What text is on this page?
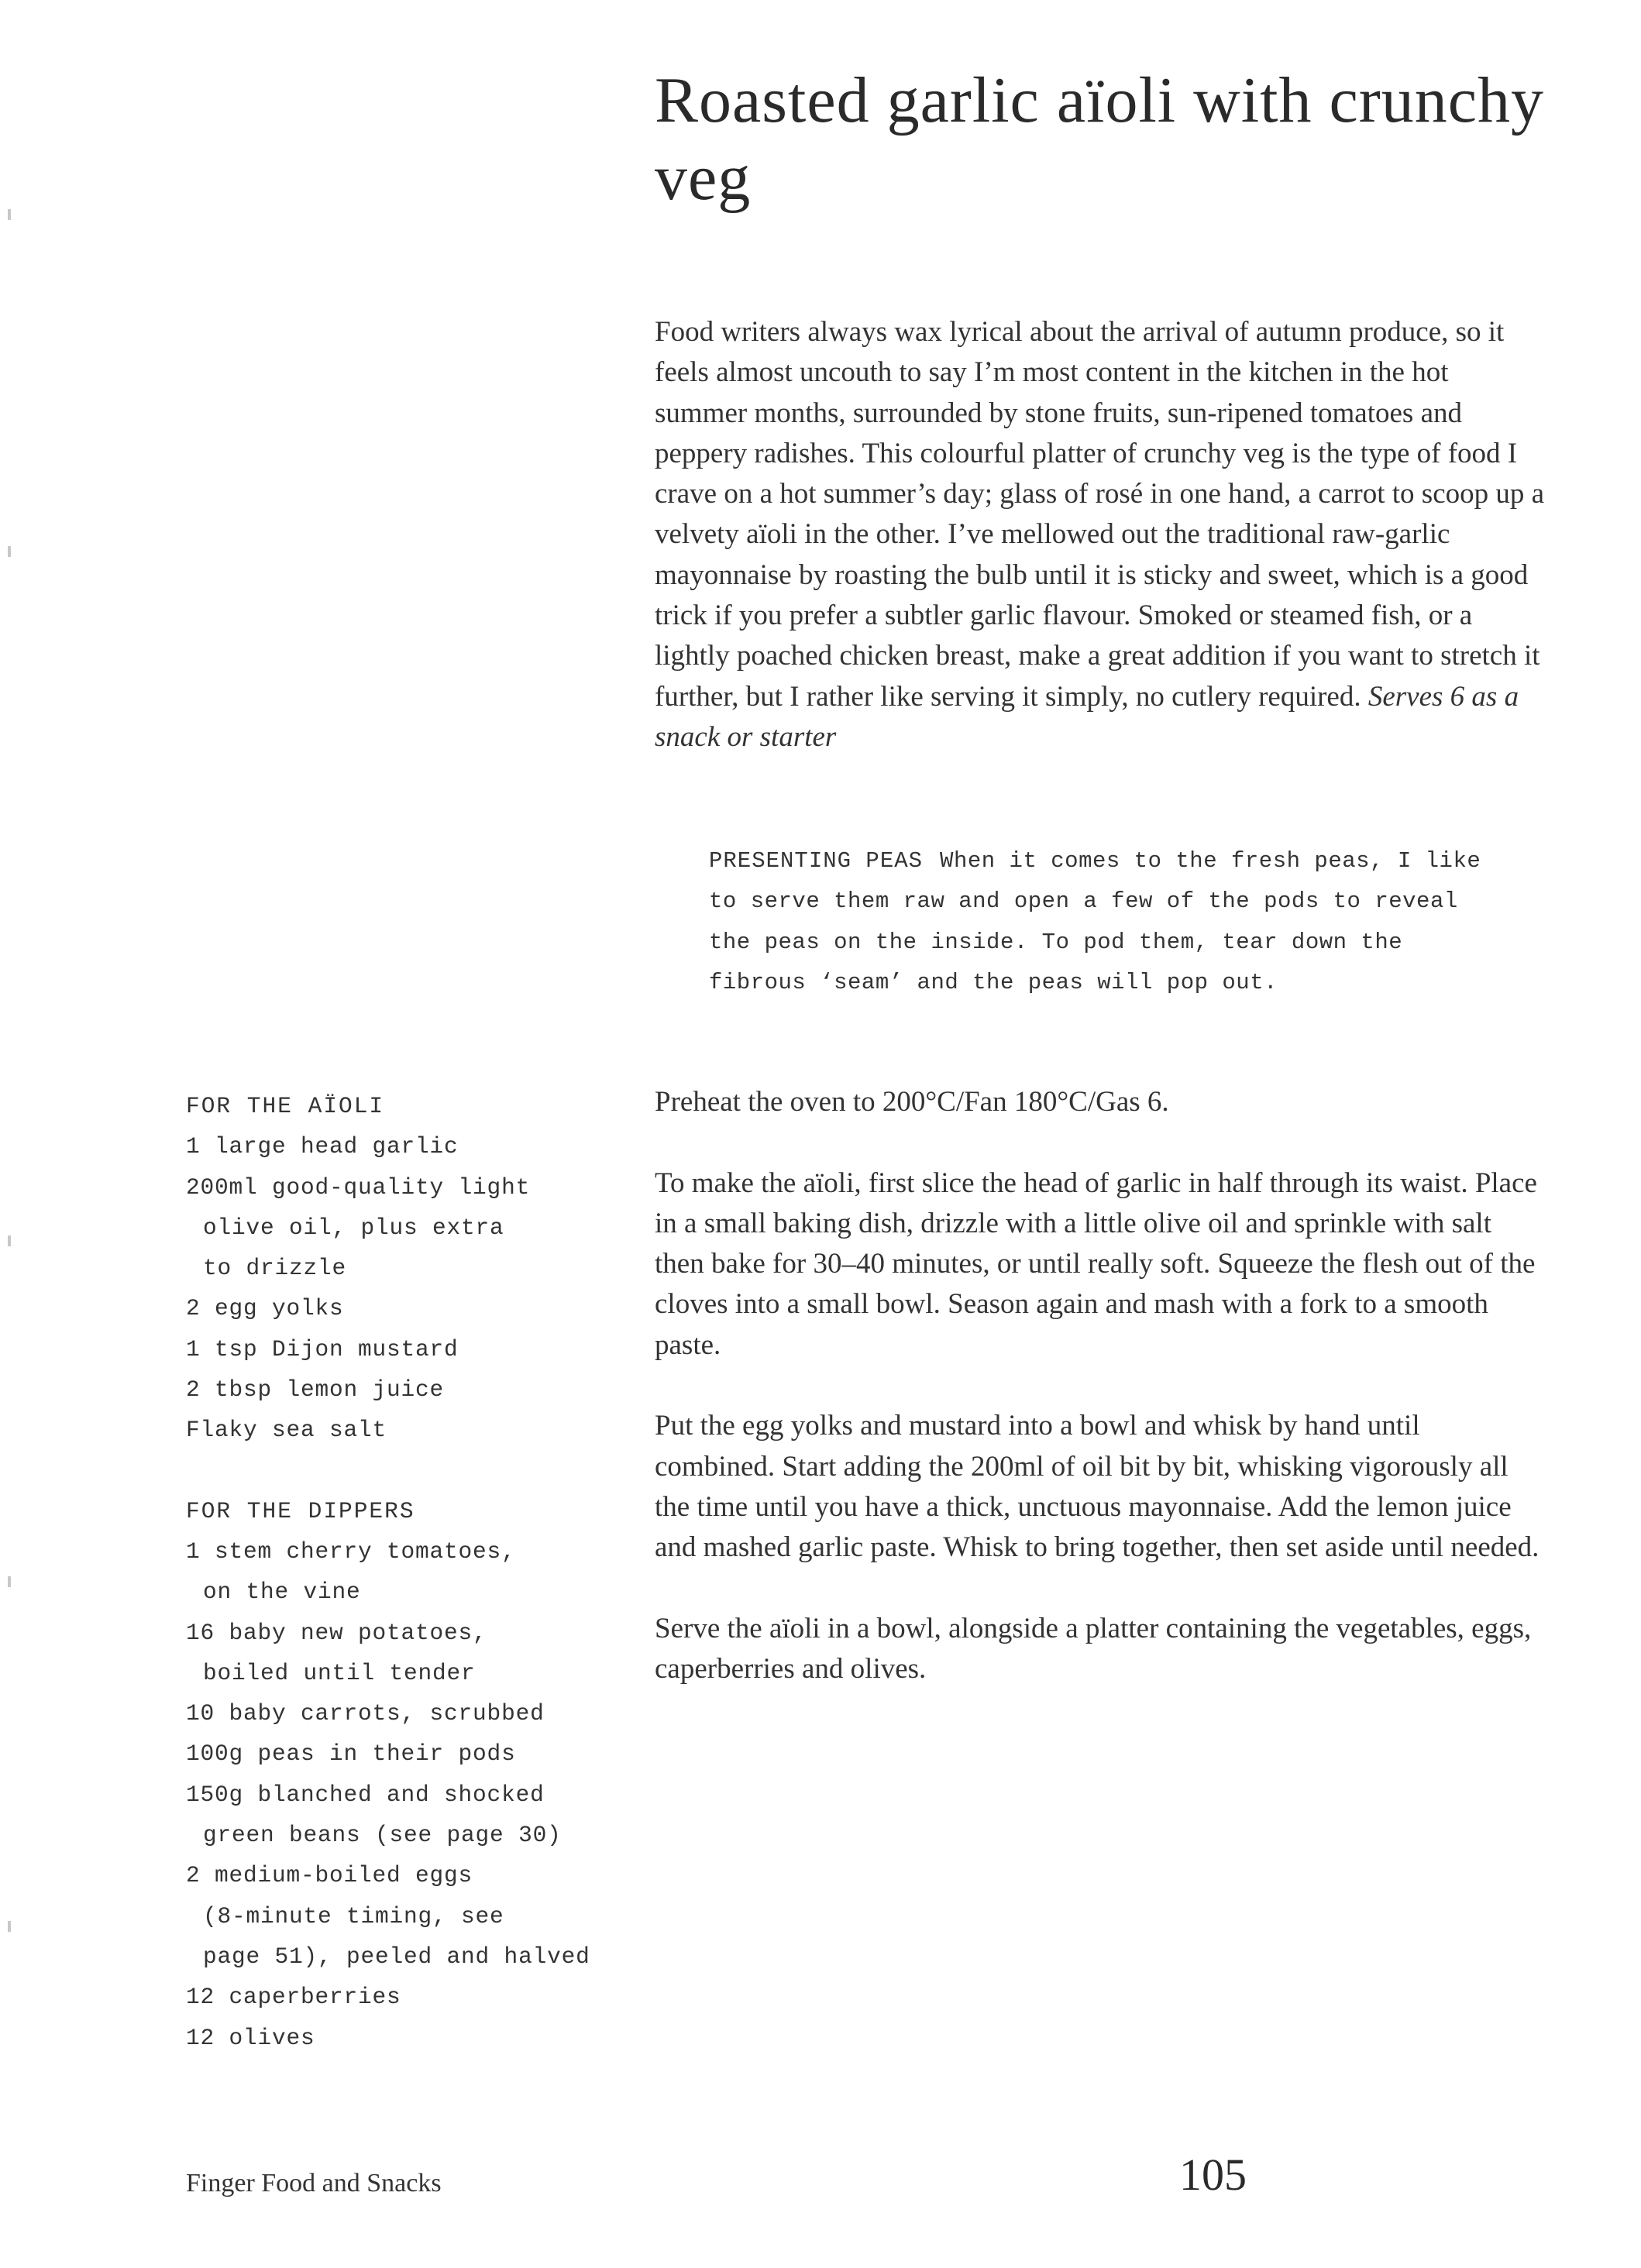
Roasted garlic aïoli with crunchy veg

Food writers always wax lyrical about the arrival of autumn produce, so it feels almost uncouth to say I’m most content in the kitchen in the hot summer months, surrounded by stone fruits, sun-ripened tomatoes and peppery radishes. This colourful platter of crunchy veg is the type of food I crave on a hot summer’s day; glass of rosé in one hand, a carrot to scoop up a velvety aïoli in the other. I’ve mellowed out the traditional raw-garlic mayonnaise by roasting the bulb until it is sticky and sweet, which is a good trick if you prefer a subtler garlic flavour. Smoked or steamed fish, or a lightly poached chicken breast, make a great addition if you want to stretch it further, but I rather like serving it simply, no cutlery required. Serves 6 as a snack or starter

PRESENTING PEAS When it comes to the fresh peas, I like to serve them raw and open a few of the pods to reveal the peas on the inside. To pod them, tear down the fibrous ‘seam’ and the peas will pop out.

FOR THE AÏOLI
1 large head garlic
200ml good-quality light
olive oil, plus extra
to drizzle
2 egg yolks
1 tsp Dijon mustard
2 tbsp lemon juice
Flaky sea salt
FOR THE DIPPERS
1 stem cherry tomatoes,
on the vine
16 baby new potatoes,
boiled until tender
10 baby carrots, scrubbed
100g peas in their pods
150g blanched and shocked
green beans (see page 30)
2 medium-boiled eggs
(8-minute timing, see
page 51), peeled and halved
12 caperberries
12 olives

Preheat the oven to 200°C/Fan 180°C/Gas 6.

To make the aïoli, first slice the head of garlic in half through its waist. Place in a small baking dish, drizzle with a little olive oil and sprinkle with salt then bake for 30–40 minutes, or until really soft. Squeeze the flesh out of the cloves into a small bowl. Season again and mash with a fork to a smooth paste.

Put the egg yolks and mustard into a bowl and whisk by hand until combined. Start adding the 200ml of oil bit by bit, whisking vigorously all the time until you have a thick, unctuous mayonnaise. Add the lemon juice and mashed garlic paste. Whisk to bring together, then set aside until needed.

Serve the aïoli in a bowl, alongside a platter containing the vegetables, eggs, caperberries and olives.

Finger Food and Snacks	105
